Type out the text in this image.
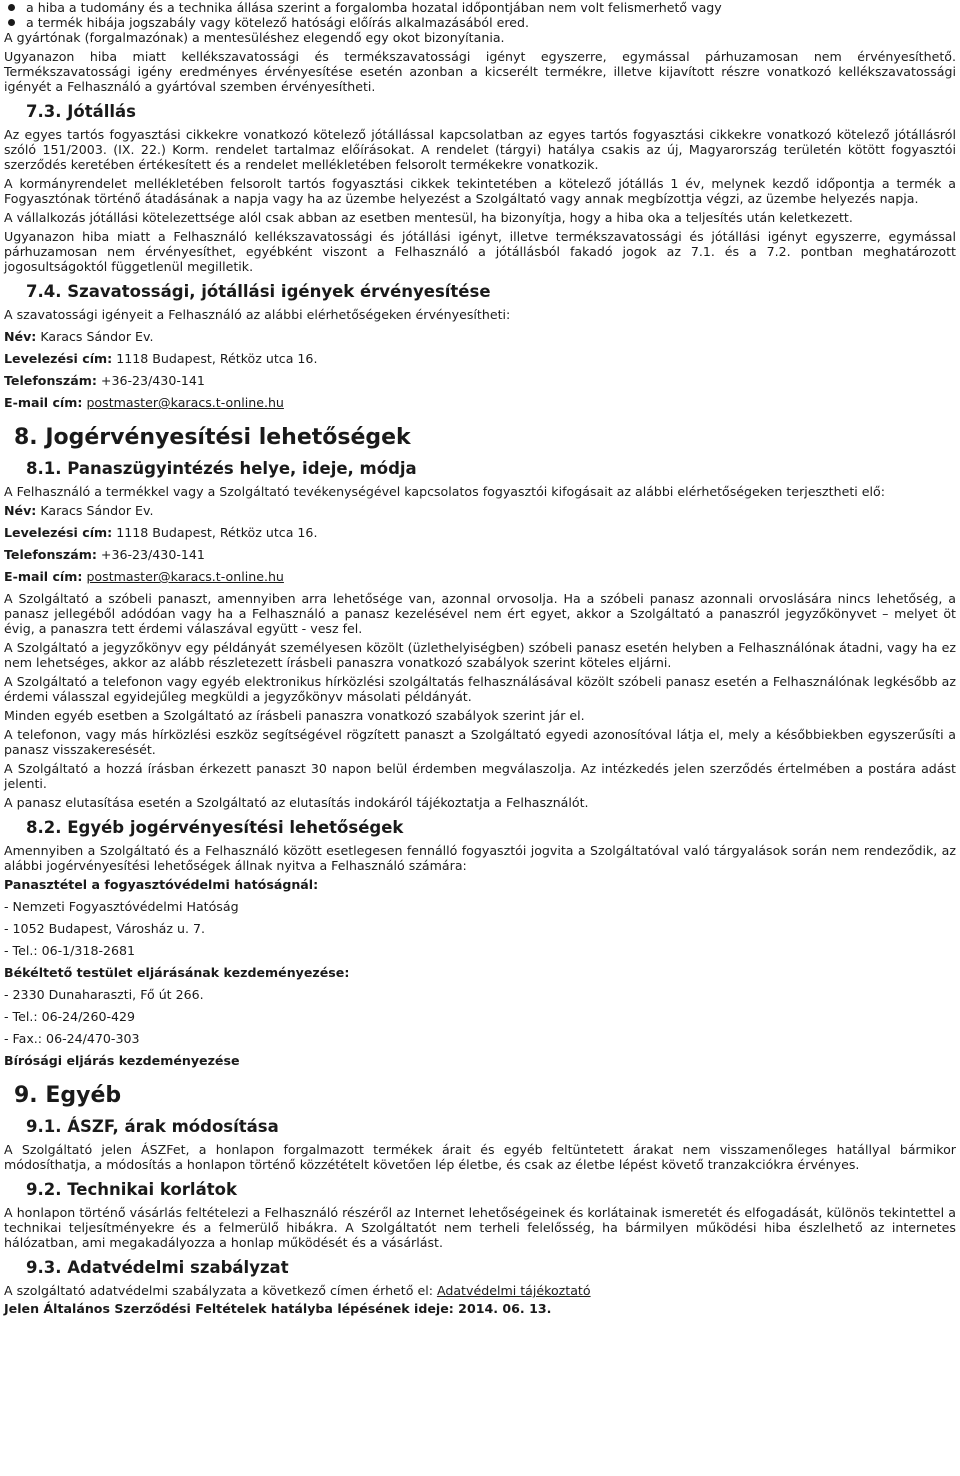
a hiba a tudomány és a technika állása szerint a forgalomba hozatal időpontjában nem volt felismerhető vagy
a termék hibája jogszabály vagy kötelező hatósági előírás alkalmazásából ered.

A gyártónak (forgalmazónak) a mentesüléshez elegendő egy okot bizonyítania.

Ugyanazon hiba miatt kellékszavatossági és termékszavatossági igényt egyszerre, egymással párhuzamosan nem érvényesíthető. Termékszavatossági igény eredményes érvényesítése esetén azonban a kicserélt termékre, illetve kijavított részre vonatkozó kellékszavatossági igényét a Felhasználó a gyártóval szemben érvényesítheti.

7.3. Jótállás

Az egyes tartós fogyasztási cikkekre vonatkozó kötelező jótállással kapcsolatban az egyes tartós fogyasztási cikkekre vonatkozó kötelező jótállásról szóló 151/2003. (IX. 22.) Korm. rendelet tartalmaz előírásokat. A rendelet (tárgyi) hatálya csakis az új, Magyarország területén kötött fogyasztói szerződés keretében értékesített és a rendelet mellékletében felsorolt termékekre vonatkozik.

A kormányrendelet mellékletében felsorolt tartós fogyasztási cikkek tekintetében a kötelező jótállás 1 év, melynek kezdő időpontja a termék a Fogyasztónak történő átadásának a napja vagy ha az üzembe helyezést a Szolgáltató vagy annak megbízottja végzi, az üzembe helyezés napja.

A vállalkozás jótállási kötelezettsége alól csak abban az esetben mentesül, ha bizonyítja, hogy a hiba oka a teljesítés után keletkezett.

Ugyanazon hiba miatt a Felhasználó kellékszavatossági és jótállási igényt, illetve termékszavatossági és jótállási igényt egyszerre, egymással párhuzamosan nem érvényesíthet, egyébként viszont a Felhasználó a jótállásból fakadó jogok az 7.1. és a 7.2. pontban meghatározott jogosultságoktól függetlenül megilletik.

7.4. Szavatossági, jótállási igények érvényesítése

A szavatossági igényeit a Felhasználó az alábbi elérhetőségeken érvényesítheti:

Név: Karacs Sándor Ev.
Levelezési cím: 1118 Budapest, Rétköz utca 16.
Telefonszám: +36-23/430-141
E-mail cím: postmaster@karacs.t-online.hu
8. Jogérvényesítési lehetőségek
8.1. Panaszügyintézés helye, ideje, módja

A Felhasználó a termékkel vagy a Szolgáltató tevékenységével kapcsolatos fogyasztói kifogásait az alábbi elérhetőségeken terjesztheti elő:

Név: Karacs Sándor Ev.
Levelezési cím: 1118 Budapest, Rétköz utca 16.
Telefonszám: +36-23/430-141
E-mail cím: postmaster@karacs.t-online.hu

A Szolgáltató a szóbeli panaszt, amennyiben arra lehetősége van, azonnal orvosolja. Ha a szóbeli panasz azonnali orvoslására nincs lehetőség, a panasz jellegéből adódóan vagy ha a Felhasználó a panasz kezelésével nem ért egyet, akkor a Szolgáltató a panaszról jegyzőkönyvet – melyet öt évig, a panaszra tett érdemi válaszával együtt - vesz fel.

A Szolgáltató a jegyzőkönyv egy példányát személyesen közölt (üzlethelyiségben) szóbeli panasz esetén helyben a Felhasználónak átadni, vagy ha ez nem lehetséges, akkor az alább részletezett írásbeli panaszra vonatkozó szabályok szerint köteles eljárni.

A Szolgáltató a telefonon vagy egyéb elektronikus hírközlési szolgáltatás felhasználásával közölt szóbeli panasz esetén a Felhasználónak legkésőbb az érdemi válasszal egyidejűleg megküldi a jegyzőkönyv másolati példányát.

Minden egyéb esetben a Szolgáltató az írásbeli panaszra vonatkozó szabályok szerint jár el.

A telefonon, vagy más hírközlési eszköz segítségével rögzített panaszt a Szolgáltató egyedi azonosítóval látja el, mely a későbbiekben egyszerűsíti a panasz visszakeresését.

A Szolgáltató a hozzá írásban érkezett panaszt 30 napon belül érdemben megválaszolja. Az intézkedés jelen szerződés értelmében a postára adást jelenti.

A panasz elutasítása esetén a Szolgáltató az elutasítás indokáról tájékoztatja a Felhasználót.

8.2. Egyéb jogérvényesítési lehetőségek

Amennyiben a Szolgáltató és a Felhasználó között esetlegesen fennálló fogyasztói jogvita a Szolgáltatóval való tárgyalások során nem rendeződik, az alábbi jogérvényesítési lehetőségek állnak nyitva a Felhasználó számára:

Panasztétel a fogyasztóvédelmi hatóságnál:
- Nemzeti Fogyasztóvédelmi Hatóság
- 1052 Budapest, Városház u. 7.
- Tel.: 06-1/318-2681
Békéltető testület eljárásának kezdeményezése:
- 2330 Dunaharaszti, Fő út 266.
- Tel.: 06-24/260-429
- Fax.: 06-24/470-303
Bírósági eljárás kezdeményezése
9. Egyéb
9.1. ÁSZF, árak módosítása

A Szolgáltató jelen ÁSZFet, a honlapon forgalmazott termékek árait és egyéb feltüntetett árakat nem visszamenőleges hatállyal bármikor módosíthatja, a módosítás a honlapon történő közzétételt követően lép életbe, és csak az életbe lépést követő tranzakciókra érvényes.

9.2. Technikai korlátok

A honlapon történő vásárlás feltételezi a Felhasználó részéről az Internet lehetőségeinek és korlátainak ismeretét és elfogadását, különös tekintettel a technikai teljesítményekre és a felmerülő hibákra. A Szolgáltatót nem terheli felelősség, ha bármilyen működési hiba észlelhető az internetes hálózatban, ami megakadályozza a honlap működését és a vásárlást.

9.3. Adatvédelmi szabályzat
A szolgáltató adatvédelmi szabályzata a következő címen érhető el: Adatvédelmi tájékoztató
Jelen Általános Szerződési Feltételek hatályba lépésének ideje: 2014. 06. 13.
